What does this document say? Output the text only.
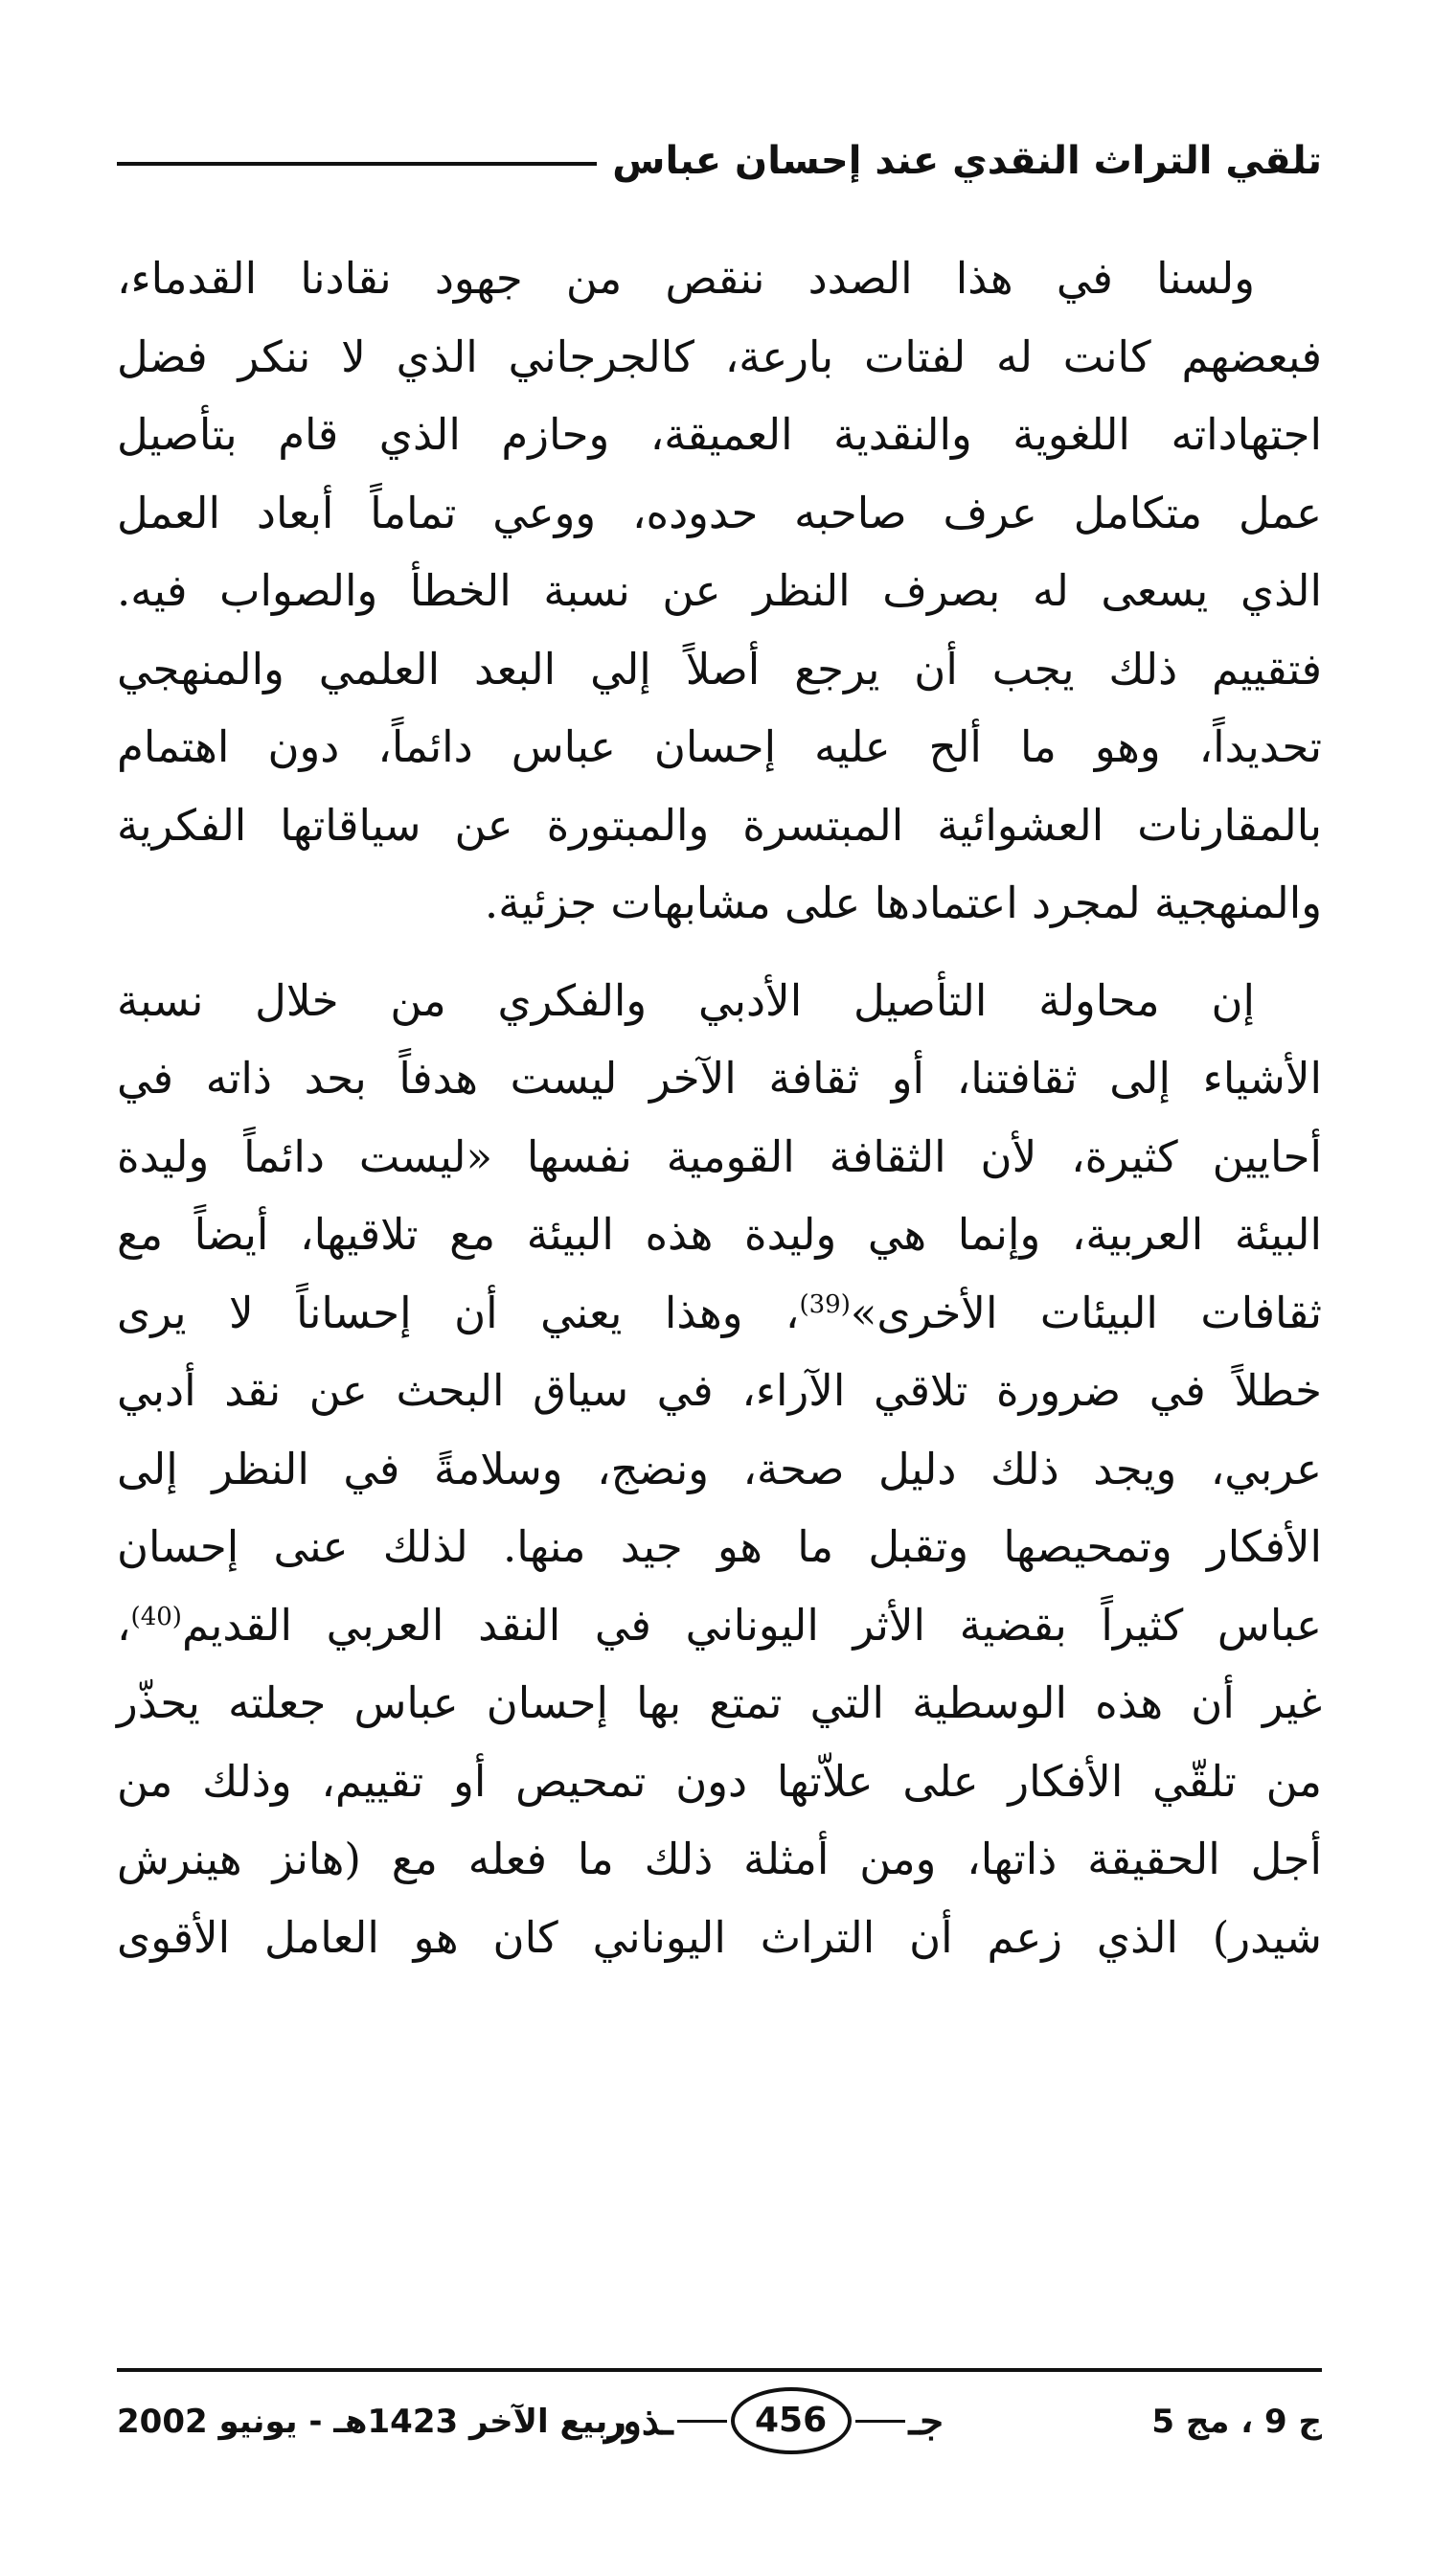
تلقي التراث النقدي عند إحسان عباس
ولسنا في هذا الصدد ننقص من جهود نقادنا القدماء،
فبعضهم كانت له لفتات بارعة، كالجرجاني الذي لا ننكر فضل
اجتهاداته اللغوية والنقدية العميقة، وحازم الذي قام بتأصيل
عمل متكامل عرف صاحبه حدوده، ووعي تماماً أبعاد العمل
الذي يسعى له بصرف النظر عن نسبة الخطأ والصواب فيه.
فتقييم ذلك يجب أن يرجع أصلاً إلي البعد العلمي والمنهجي
تحديداً، وهو ما ألح عليه إحسان عباس دائماً، دون اهتمام
بالمقارنات العشوائية المبتسرة والمبتورة عن سياقاتها الفكرية
والمنهجية لمجرد اعتمادها على مشابهات جزئية.
إن محاولة التأصيل الأدبي والفكري من خلال نسبة
الأشياء إلى ثقافتنا، أو ثقافة الآخر ليست هدفاً بحد ذاته في
أحايين كثيرة، لأن الثقافة القومية نفسها «ليست دائماً وليدة
البيئة العربية، وإنما هي وليدة هذه البيئة مع تلاقيها، أيضاً مع
ثقافات البيئات الأخرى»$^{(39)}$، وهذا يعني أن إحساناً لا يرى
خطلاً في ضرورة تلاقي الآراء، في سياق البحث عن نقد أدبي
عربي، ويجد ذلك دليل صحة، ونضج، وسلامةً في النظر إلى
الأفكار وتمحيصها وتقبل ما هو جيد منها. لذلك عنى إحسان
عباس كثيراً بقضية الأثر اليوناني في النقد العربي القديم$^{(40)}$،
غير أن هذه الوسطية التي تمتع بها إحسان عباس جعلته يحذّر
من تلقّي الأفكار على علاّتها دون تمحيص أو تقييم، وذلك من
أجل الحقيقة ذاتها، ومن أمثلة ذلك ما فعله مع (هانز هينرش
شيدر) الذي زعم أن التراث اليوناني كان هو العامل الأقوى
ج 9 ، مج 5
جـ
456
ـذور
ربيع الآخر 1423هـ - يونيو 2002
